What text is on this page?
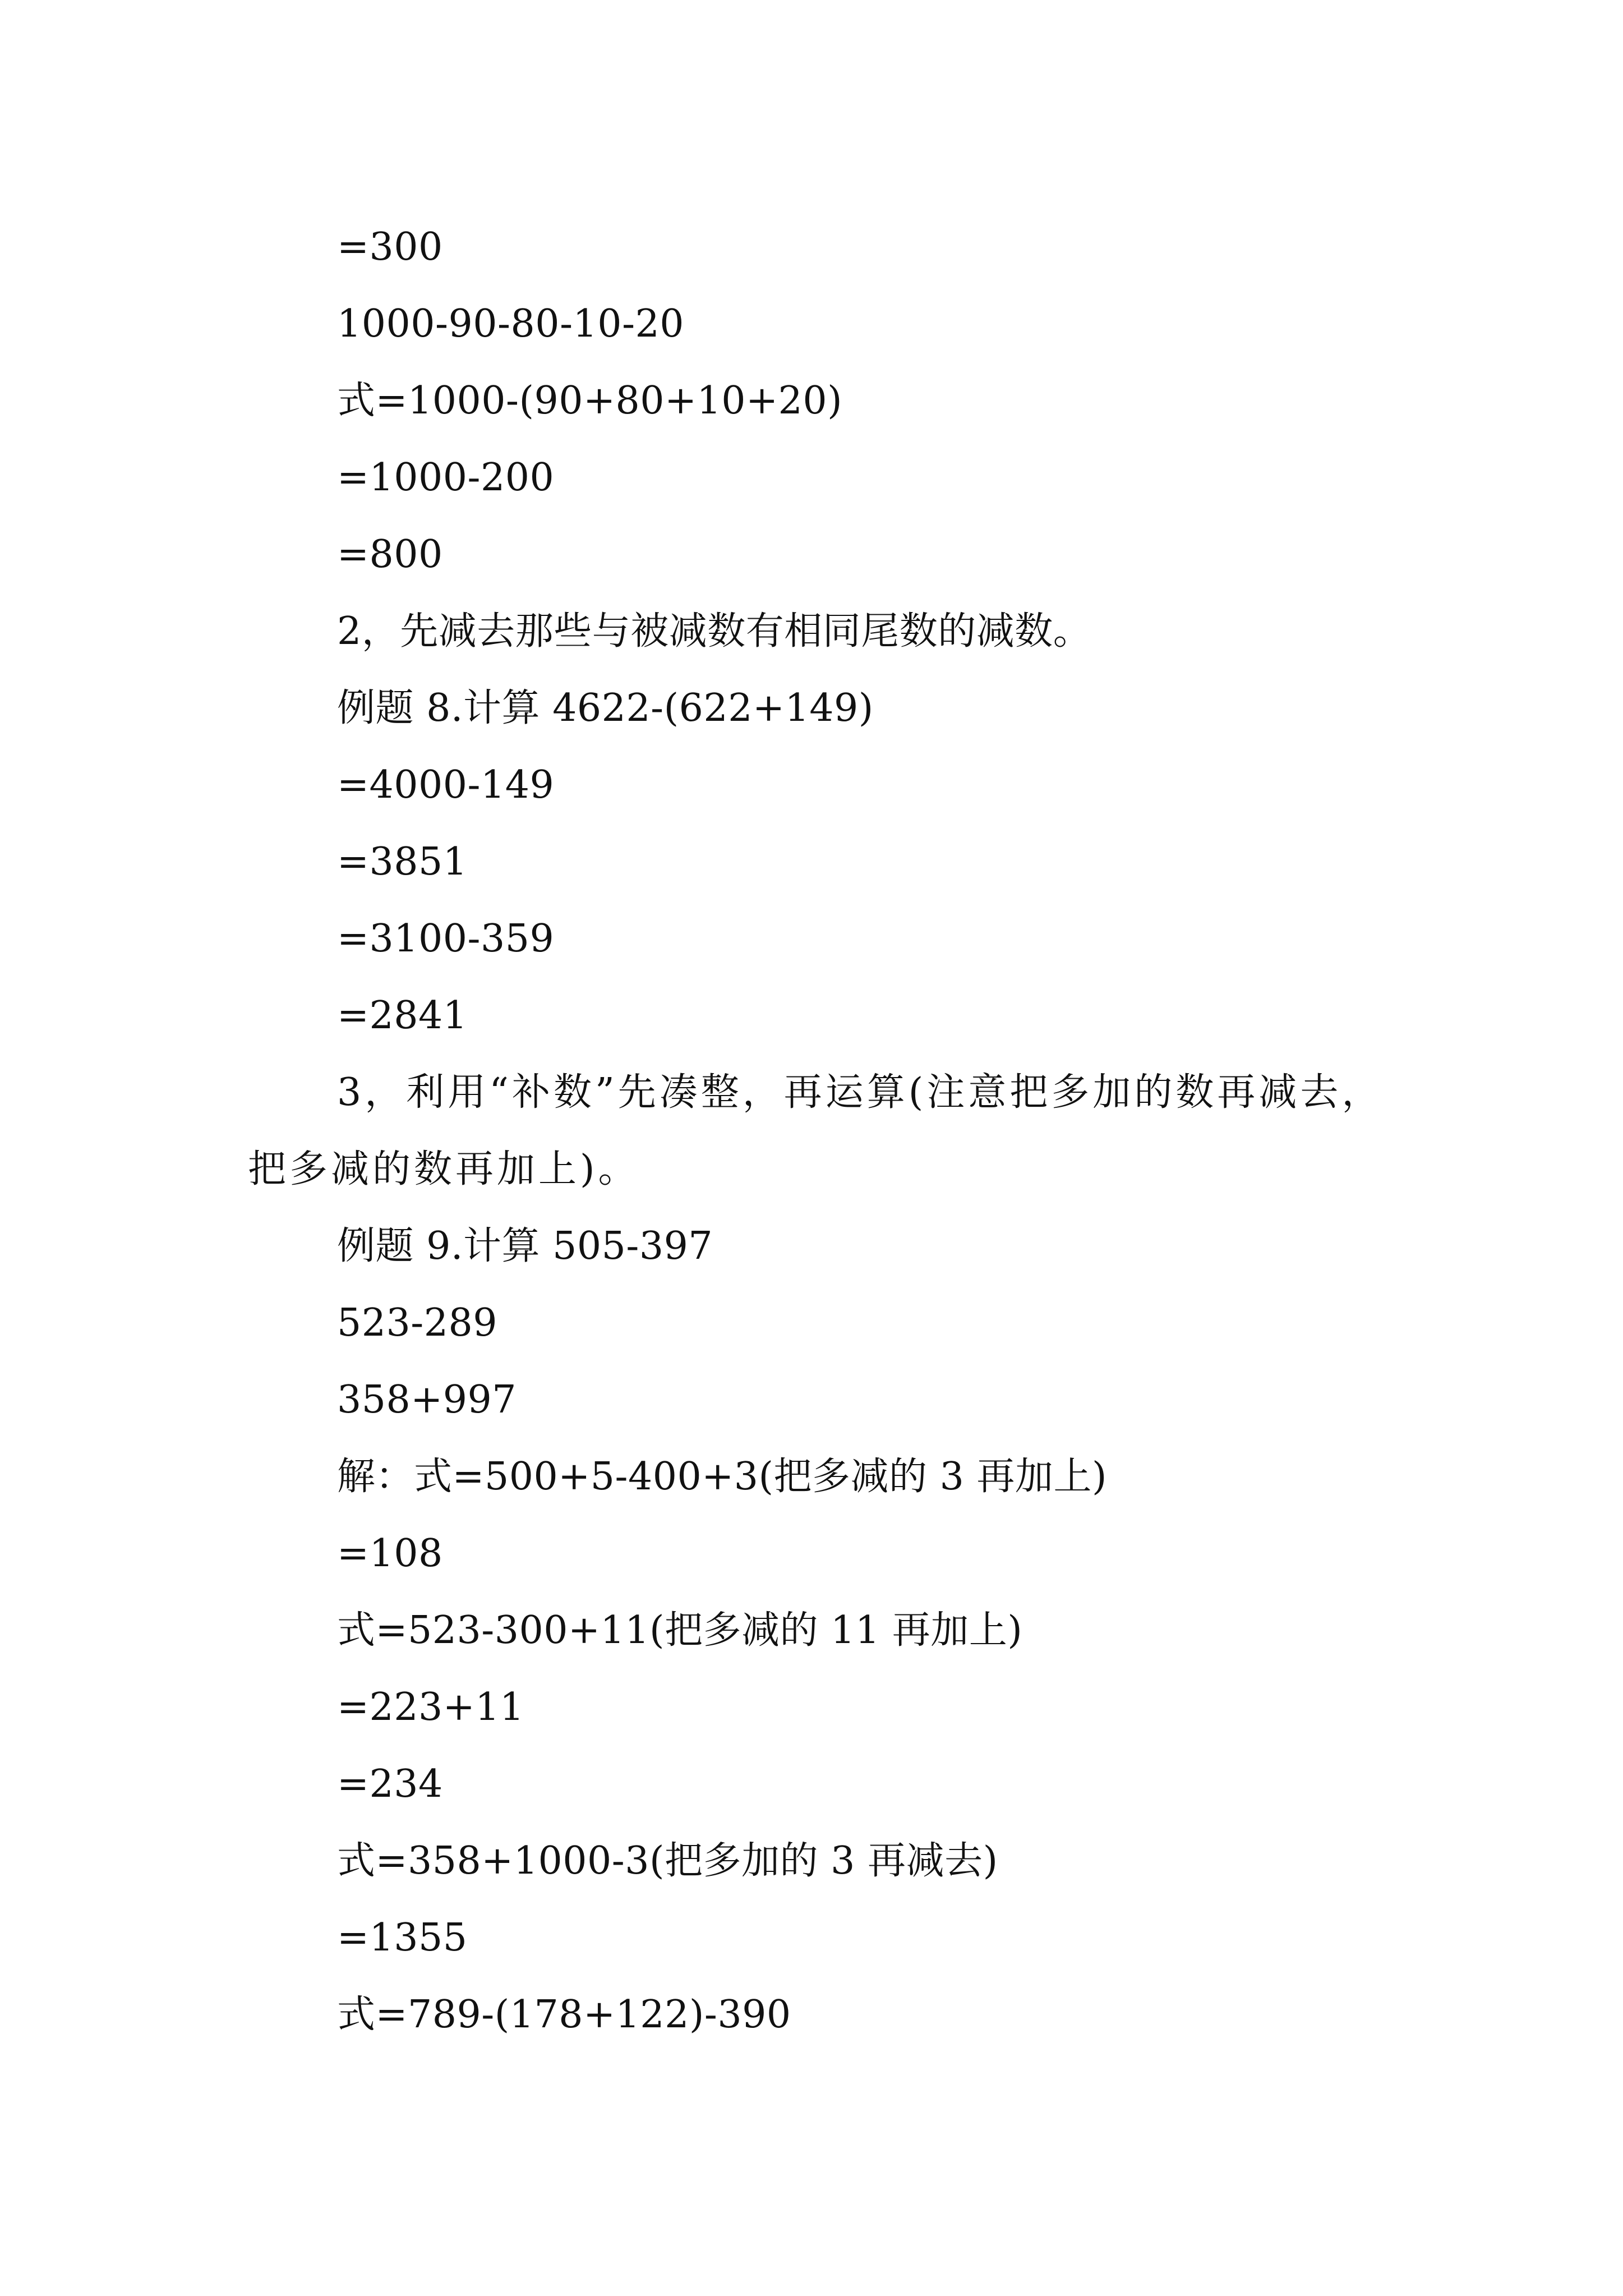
=300
1000-90-80-10-20
式=1000-(90+80+10+20)
=1000-200
=800
2，先减去那些与被减数有相同尾数的减数。
例题 8.计算 4622-(622+149)
=4000-149
=3851
=3100-359
=2841
3，利用“补数”先凑整，再运算(注意把多加的数再减去，把多减的数再加上)。
例题 9.计算 505-397
523-289
358+997
解：式=500+5-400+3(把多减的 3 再加上)
=108
式=523-300+11(把多减的 11 再加上)
=223+11
=234
式=358+1000-3(把多加的 3 再减去)
=1355
式=789-(178+122)-390
